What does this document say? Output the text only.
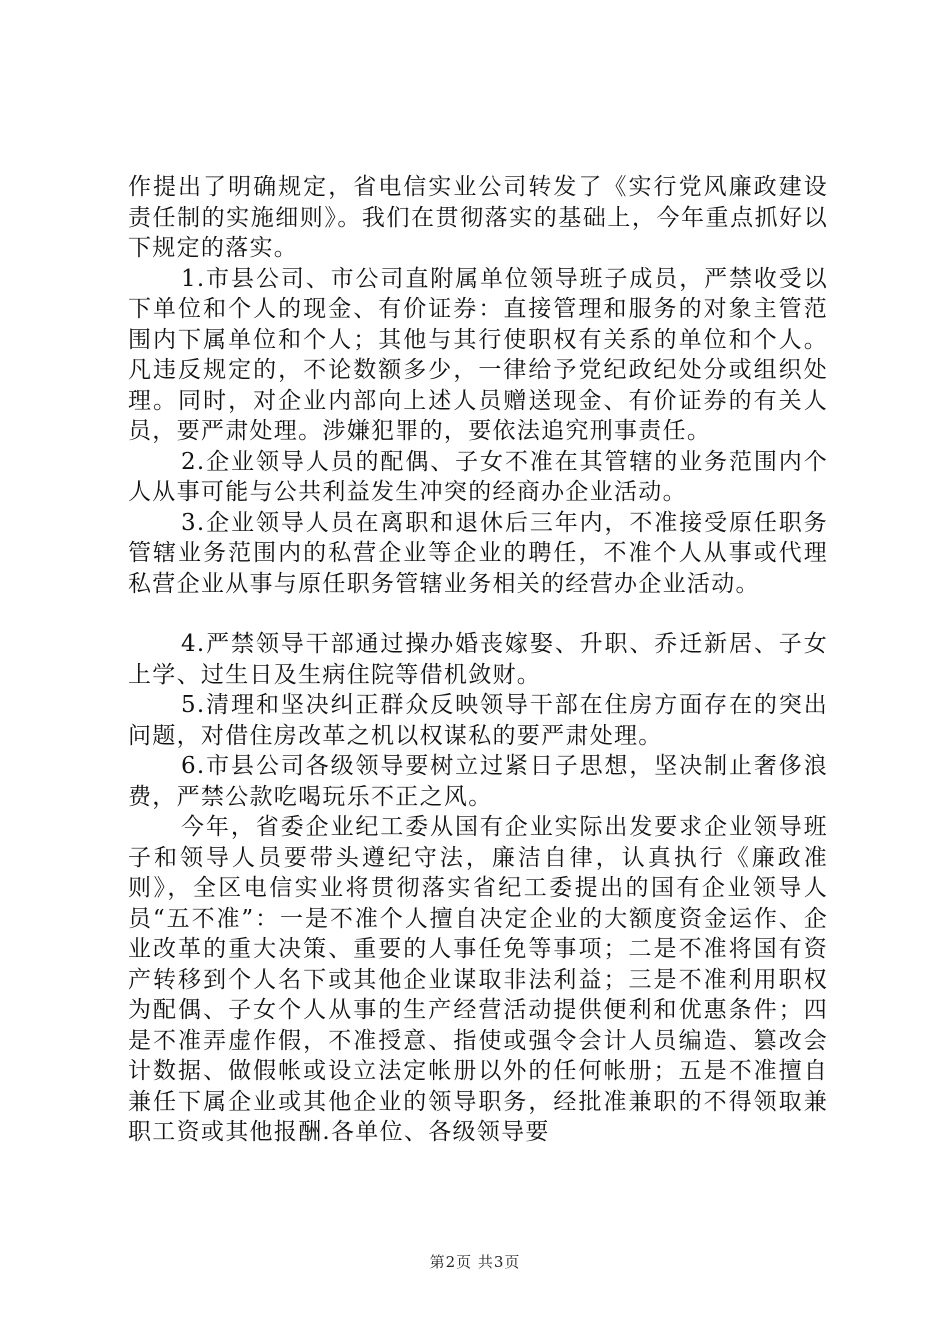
作提出了明确规定，省电信实业公司转发了《实行党风廉政建设责任制的实施细则》。我们在贯彻落实的基础上，今年重点抓好以下规定的落实。

1.市县公司、市公司直附属单位领导班子成员，严禁收受以下单位和个人的现金、有价证券：直接管理和服务的对象主管范围内下属单位和个人；其他与其行使职权有关系的单位和个人。凡违反规定的，不论数额多少，一律给予党纪政纪处分或组织处理。同时，对企业内部向上述人员赠送现金、有价证券的有关人员，要严肃处理。涉嫌犯罪的，要依法追究刑事责任。

2.企业领导人员的配偶、子女不准在其管辖的业务范围内个人从事可能与公共利益发生冲突的经商办企业活动。

3.企业领导人员在离职和退休后三年内，不准接受原任职务管辖业务范围内的私营企业等企业的聘任，不准个人从事或代理私营企业从事与原任职务管辖业务相关的经营办企业活动。

4.严禁领导干部通过操办婚丧嫁娶、升职、乔迁新居、子女上学、过生日及生病住院等借机敛财。

5.清理和坚决纠正群众反映领导干部在住房方面存在的突出问题，对借住房改革之机以权谋私的要严肃处理。

6.市县公司各级领导要树立过紧日子思想，坚决制止奢侈浪费，严禁公款吃喝玩乐不正之风。

今年，省委企业纪工委从国有企业实际出发要求企业领导班子和领导人员要带头遵纪守法，廉洁自律，认真执行《廉政准则》，全区电信实业将贯彻落实省纪工委提出的国有企业领导人员“五不准”：一是不准个人擅自决定企业的大额度资金运作、企业改革的重大决策、重要的人事任免等事项；二是不准将国有资产转移到个人名下或其他企业谋取非法利益；三是不准利用职权为配偶、子女个人从事的生产经营活动提供便利和优惠条件；四是不准弄虚作假，不准授意、指使或强令会计人员编造、篡改会计数据、做假帐或设立法定帐册以外的任何帐册；五是不准擅自兼任下属企业或其他企业的领导职务，经批准兼职的不得领取兼职工资或其他报酬.各单位、各级领导要

第2页 共3页
